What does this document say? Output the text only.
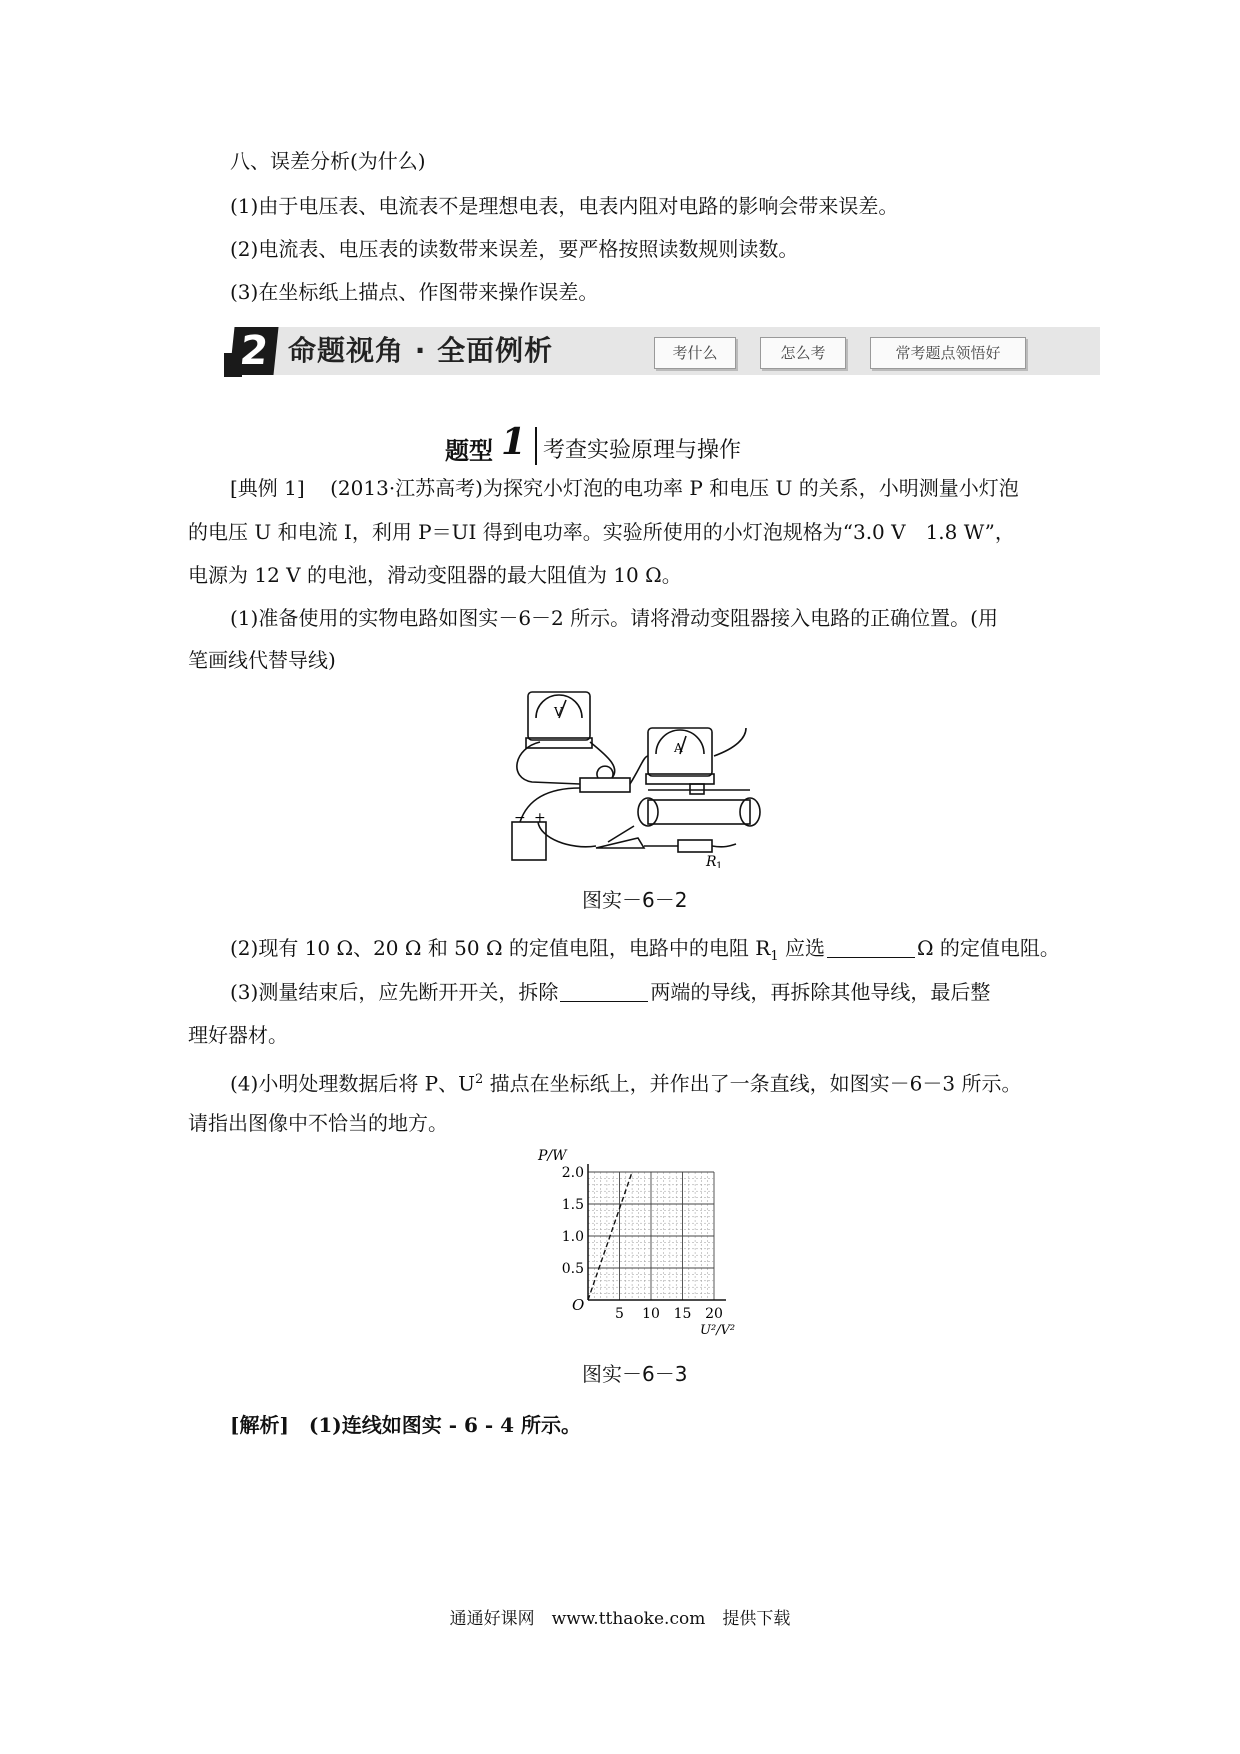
八、误差分析(为什么)
(1)由于电压表、电流表不是理想电表，电表内阻对电路的影响会带来误差。
(2)电流表、电压表的读数带来误差，要严格按照读数规则读数。
(3)在坐标纸上描点、作图带来操作误差。
2 命题视角 · 全面例析	考什么	怎么考	常考题点领悟好
题型 1 考查实验原理与操作
[典例 1] (2013·江苏高考)为探究小灯泡的电功率 P 和电压 U 的关系，小明测量小灯泡
的电压 U 和电流 I，利用 P＝UI 得到电功率。实验所使用的小灯泡规格为“3.0 V　1.8 W”，
电源为 12 V 的电池，滑动变阻器的最大阻值为 10 Ω。
(1)准备使用的实物电路如图实－6－2 所示。请将滑动变阻器接入电路的正确位置。(用
笔画线代替导线)
− +
V
A
R 1
图实－6－2
(2)现有 10 Ω、20 Ω 和 50 Ω 的定值电阻，电路中的电阻 $R_1$ 应选	Ω 的定值电阻。
(3)测量结束后，应先断开开关，拆除	两端的导线，再拆除其他导线，最后整
理好器材。
(4)小明处理数据后将 P、$U^2$ 描点在坐标纸上，并作出了一条直线，如图实－6－3 所示。
请指出图像中不恰当的地方。
5 10 15 20
0.5
1.0
1.5
2.0
P/W
U²/V²
O
图实－6－3
[解析]　(1)连线如图实 - 6 - 4 所示。
通通好课网　www.tthaoke.com　提供下载
